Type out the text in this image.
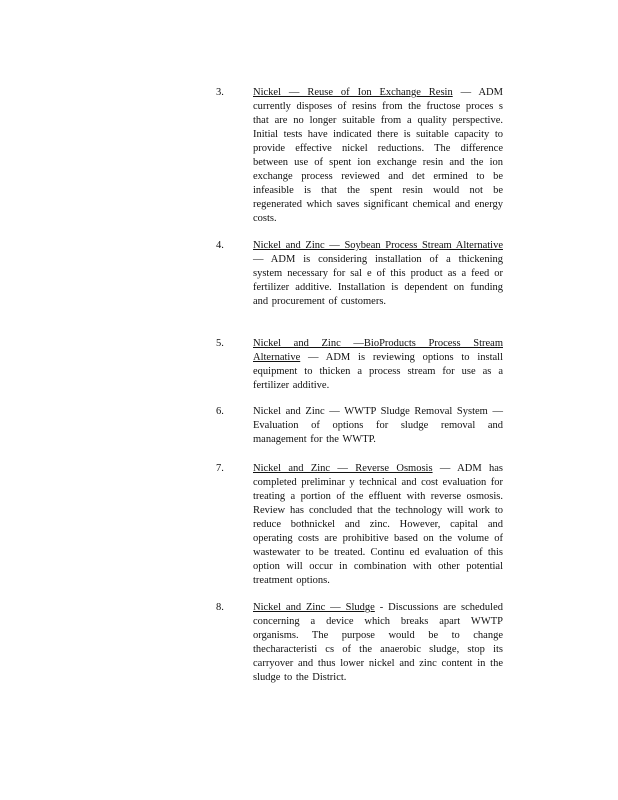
3.	Nickel — Reuse of Ion Exchange Resin — ADM currently disposes of resins from the fructose proces s that are no longer suitable from a quality perspective. Initial tests have indicated there is suitable capacity to provide effective nickel reductions. The difference between use of spent ion exchange resin and the ion exchange process reviewed and det ermined to be infeasible is that the spent resin would not be regenerated which saves significant chemical and energy costs.
4.	Nickel and Zinc — Soybean Process Stream Alternative — ADM is considering installation of a thickening system necessary for sal e of this product as a feed or fertilizer additive. Installation is dependent on funding and procurement of customers.
5.	Nickel and Zinc —BioProducts Process Stream Alternative — ADM is reviewing options to install equipment to thicken a process stream for use as a fertilizer additive.
6.	Nickel and Zinc — WWTP Sludge Removal System — Evaluation of options for sludge removal and management for the WWTP.
7.	Nickel and Zinc — Reverse Osmosis — ADM has completed preliminar y technical and cost evaluation for treating a portion of the effluent with reverse osmosis. Review has concluded that the technology will work to reduce bothnickel and zinc. However, capital and operating costs are prohibitive based on the volume of wastewater to be treated. Continu ed evaluation of this option will occur in combination with other potential treatment options.
8.	Nickel and Zinc — Sludge - Discussions are scheduled concerning a device which breaks apart WWTP organisms. The purpose would be to change thecharacteristi cs of the anaerobic sludge, stop its carryover and thus lower nickel and zinc content in the sludge to the District.
